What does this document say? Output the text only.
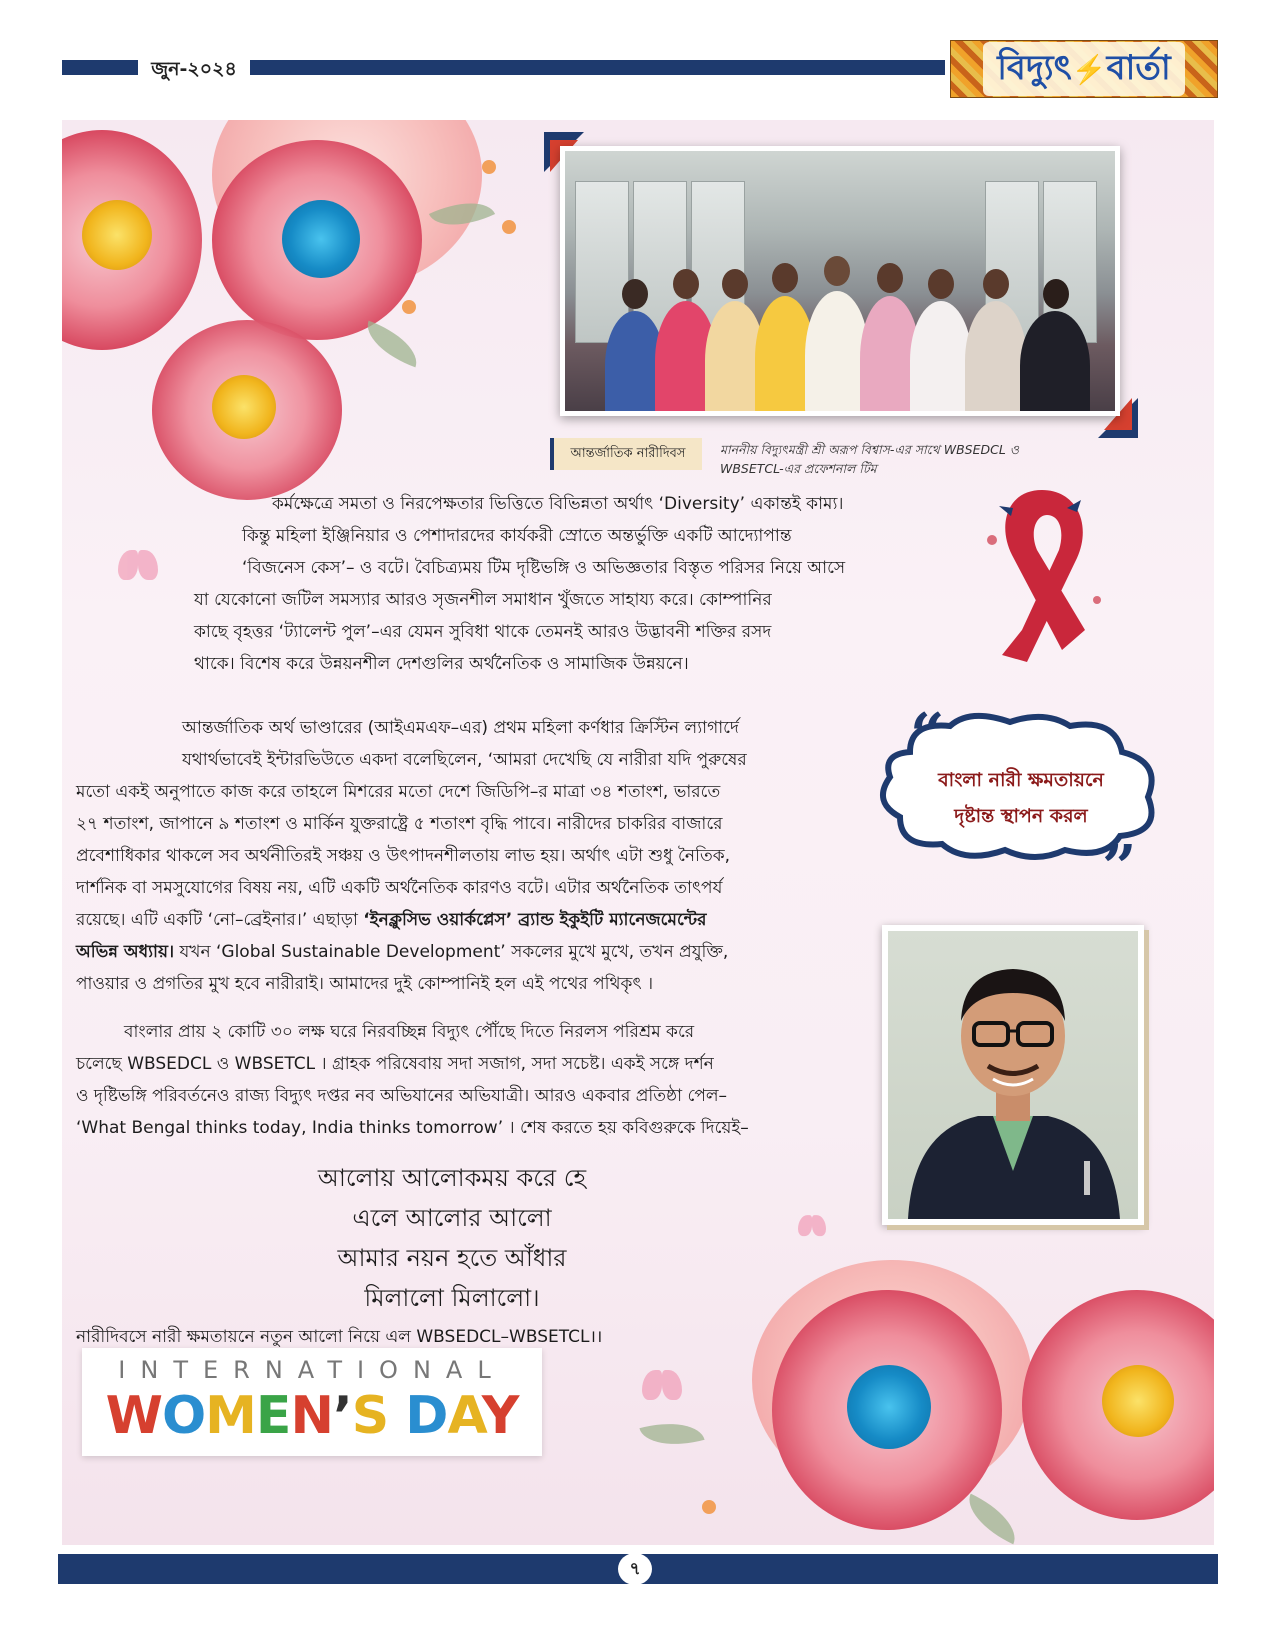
জুন-২০২৪	বিদ্যুৎ⚡বার্তা
আন্তর্জাতিক নারীদিবস	মাননীয় বিদ্যুৎমন্ত্রী শ্রী অরূপ বিশ্বাস-এর সাথে WBSEDCL ও WBSETCL-এর প্রফেশনাল টিম
কর্মক্ষেত্রে সমতা ও নিরপেক্ষতার ভিত্তিতে বিভিন্নতা অর্থাৎ ‘Diversity’ একান্তই কাম্য।
কিন্তু মহিলা ইঞ্জিনিয়ার ও পেশাদারদের কার্যকরী স্রোতে অন্তর্ভুক্তি একটি আদ্যোপান্ত
‘বিজনেস কেস’– ও বটে। বৈচিত্র্যময় টিম দৃষ্টিভঙ্গি ও অভিজ্ঞতার বিস্তৃত পরিসর নিয়ে আসে
যা যেকোনো জটিল সমস্যার আরও সৃজনশীল সমাধান খুঁজতে সাহায্য করে। কোম্পানির
কাছে বৃহত্তর ‘ট্যালেন্ট পুল’–এর যেমন সুবিধা থাকে তেমনই আরও উদ্ভাবনী শক্তির রসদ
থাকে। বিশেষ করে উন্নয়নশীল দেশগুলির অর্থনৈতিক ও সামাজিক উন্নয়নে।
আন্তর্জাতিক অর্থ ভাণ্ডারের (আইএমএফ–এর) প্রথম মহিলা কর্ণধার ক্রিস্টিন ল্যাগার্দে
যথার্থভাবেই ইন্টারভিউতে একদা বলেছিলেন, ‘আমরা দেখেছি যে নারীরা যদি পুরুষের
মতো একই অনুপাতে কাজ করে তাহলে মিশরের মতো দেশে জিডিপি–র মাত্রা ৩৪ শতাংশ, ভারতে
২৭ শতাংশ, জাপানে ৯ শতাংশ ও মার্কিন যুক্তরাষ্ট্রে ৫ শতাংশ বৃদ্ধি পাবে। নারীদের চাকরির বাজারে
প্রবেশাধিকার থাকলে সব অর্থনীতিরই সঞ্চয় ও উৎপাদনশীলতায় লাভ হয়। অর্থাৎ এটা শুধু নৈতিক,
দার্শনিক বা সমসুযোগের বিষয় নয়, এটি একটি অর্থনৈতিক কারণও বটে। এটার অর্থনৈতিক তাৎপর্য
রয়েছে। এটি একটি ‘নো–ব্রেইনার।’ এছাড়া ‘ইনক্লুসিভ ওয়ার্কপ্লেস’ ব্র্যান্ড ইকুইটি ম্যানেজমেন্টের
অভিন্ন অধ্যায়। যখন ‘Global Sustainable Development’ সকলের মুখে মুখে, তখন প্রযুক্তি,
পাওয়ার ও প্রগতির মুখ হবে নারীরাই। আমাদের দুই কোম্পানিই হল এই পথের পথিকৃৎ ।
“
বাংলা নারী ক্ষমতায়নে
দৃষ্টান্ত স্থাপন করল
”
বাংলার প্রায় ২ কোটি ৩০ লক্ষ ঘরে নিরবচ্ছিন্ন বিদ্যুৎ পৌঁছে দিতে নিরলস পরিশ্রম করে
চলেছে WBSEDCL ও WBSETCL । গ্রাহক পরিষেবায় সদা সজাগ, সদা সচেষ্ট। একই সঙ্গে দর্শন
ও দৃষ্টিভঙ্গি পরিবর্তনেও রাজ্য বিদ্যুৎ দপ্তর নব অভিযানের অভিযাত্রী। আরও একবার প্রতিষ্ঠা পেল–
‘What Bengal thinks today, India thinks tomorrow’ । শেষ করতে হয় কবিগুরুকে দিয়েই–
আলোয় আলোকময় করে হে
এলে আলোর আলো
আমার নয়ন হতে আঁধার
মিলালো মিলালো।
নারীদিবসে নারী ক্ষমতায়নে নতুন আলো নিয়ে এল WBSEDCL–WBSETCL।।
INTERNATIONAL
WOMEN’S DAY
৭
